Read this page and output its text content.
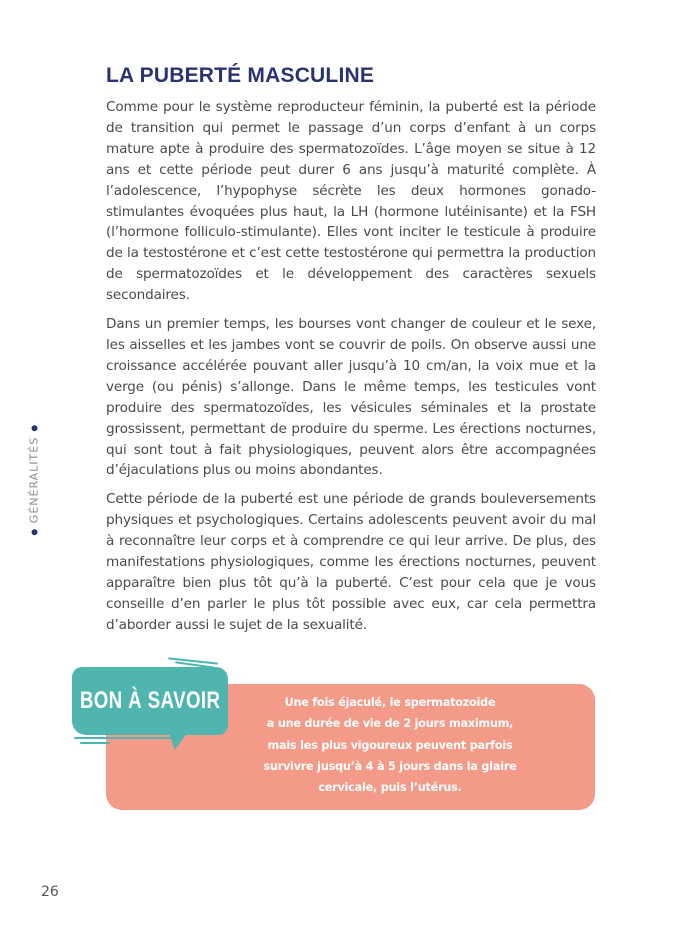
LA PUBERTÉ MASCULINE

Comme pour le système reproducteur féminin, la puberté est la période de transition qui permet le passage d’un corps d’enfant à un corps mature apte à produire des spermatozoïdes. L’âge moyen se situe à 12 ans et cette période peut durer 6 ans jusqu’à maturité complète. À l’adolescence, l’hypophyse sécrète les deux hormones gonado-stimulantes évoquées plus haut, la LH (hormone lutéinisante) et la FSH (l’hormone folliculo-stimulante). Elles vont inciter le testicule à produire de la testostérone et c’est cette testostérone qui permettra la production de spermatozoïdes et le développement des caractères sexuels secondaires.

Dans un premier temps, les bourses vont changer de couleur et le sexe, les aisselles et les jambes vont se couvrir de poils. On observe aussi une croissance accélérée pouvant aller jusqu’à 10 cm/an, la voix mue et la verge (ou pénis) s’allonge. Dans le même temps, les testicules vont produire des spermatozoïdes, les vésicules séminales et la prostate grossissent, permettant de produire du sperme. Les érections nocturnes, qui sont tout à fait physiologiques, peuvent alors être accompagnées d’éjaculations plus ou moins abondantes.

Cette période de la puberté est une période de grands bouleversements physiques et psychologiques. Certains adolescents peuvent avoir du mal à reconnaître leur corps et à comprendre ce qui leur arrive. De plus, des manifestations physiologiques, comme les érections nocturnes, peuvent apparaître bien plus tôt qu’à la puberté. C’est pour cela que je vous conseille d’en parler le plus tôt possible avec eux, car cela permettra d’aborder aussi le sujet de la sexualité.

GÉNÉRALITÉS
Une fois éjaculé, le spermatozoïde
a une durée de vie de 2 jours maximum,
mais les plus vigoureux peuvent parfois
survivre jusqu’à 4 à 5 jours dans la glaire
cervicale, puis l’utérus.
BON À SAVOIR
26
